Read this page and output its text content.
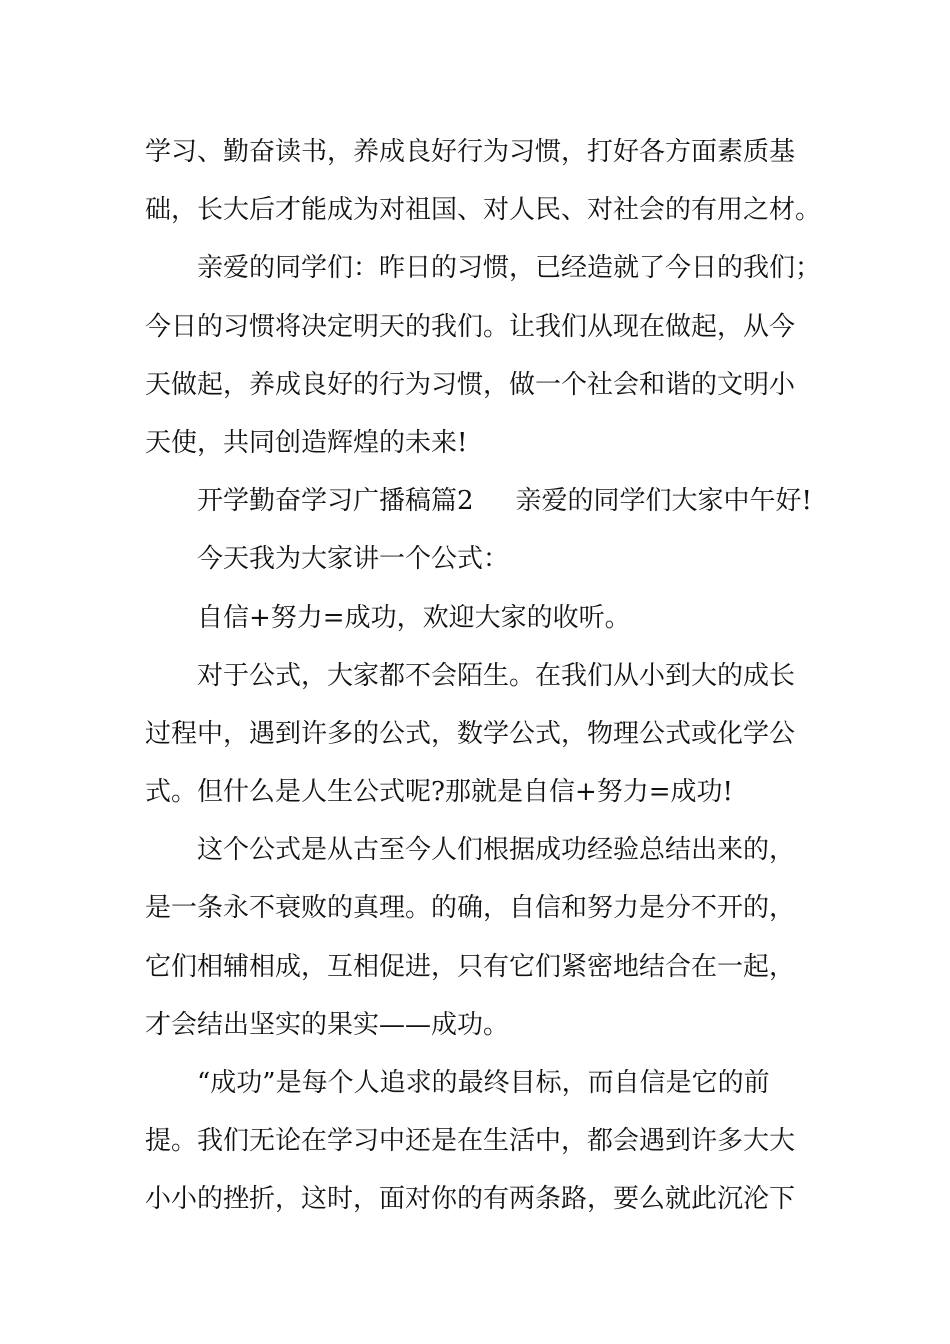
学习、勤奋读书，养成良好行为习惯，打好各方面素质基
础，长大后才能成为对祖国、对人民、对社会的有用之材。
亲爱的同学们：昨日的习惯，已经造就了今日的我们；
今日的习惯将决定明天的我们。让我们从现在做起，从今
天做起，养成良好的行为习惯，做一个社会和谐的文明小
天使，共同创造辉煌的未来!
开学勤奋学习广播稿篇2 亲爱的同学们大家中午好!
今天我为大家讲一个公式：
自信+努力=成功，欢迎大家的收听。
对于公式，大家都不会陌生。在我们从小到大的成长
过程中，遇到许多的公式，数学公式，物理公式或化学公
式。但什么是人生公式呢?那就是自信+努力=成功!
这个公式是从古至今人们根据成功经验总结出来的，
是一条永不衰败的真理。的确，自信和努力是分不开的，
它们相辅相成，互相促进，只有它们紧密地结合在一起，
才会结出坚实的果实——成功。
“成功”是每个人追求的最终目标，而自信是它的前
提。我们无论在学习中还是在生活中，都会遇到许多大大
小小的挫折，这时，面对你的有两条路，要么就此沉沦下
